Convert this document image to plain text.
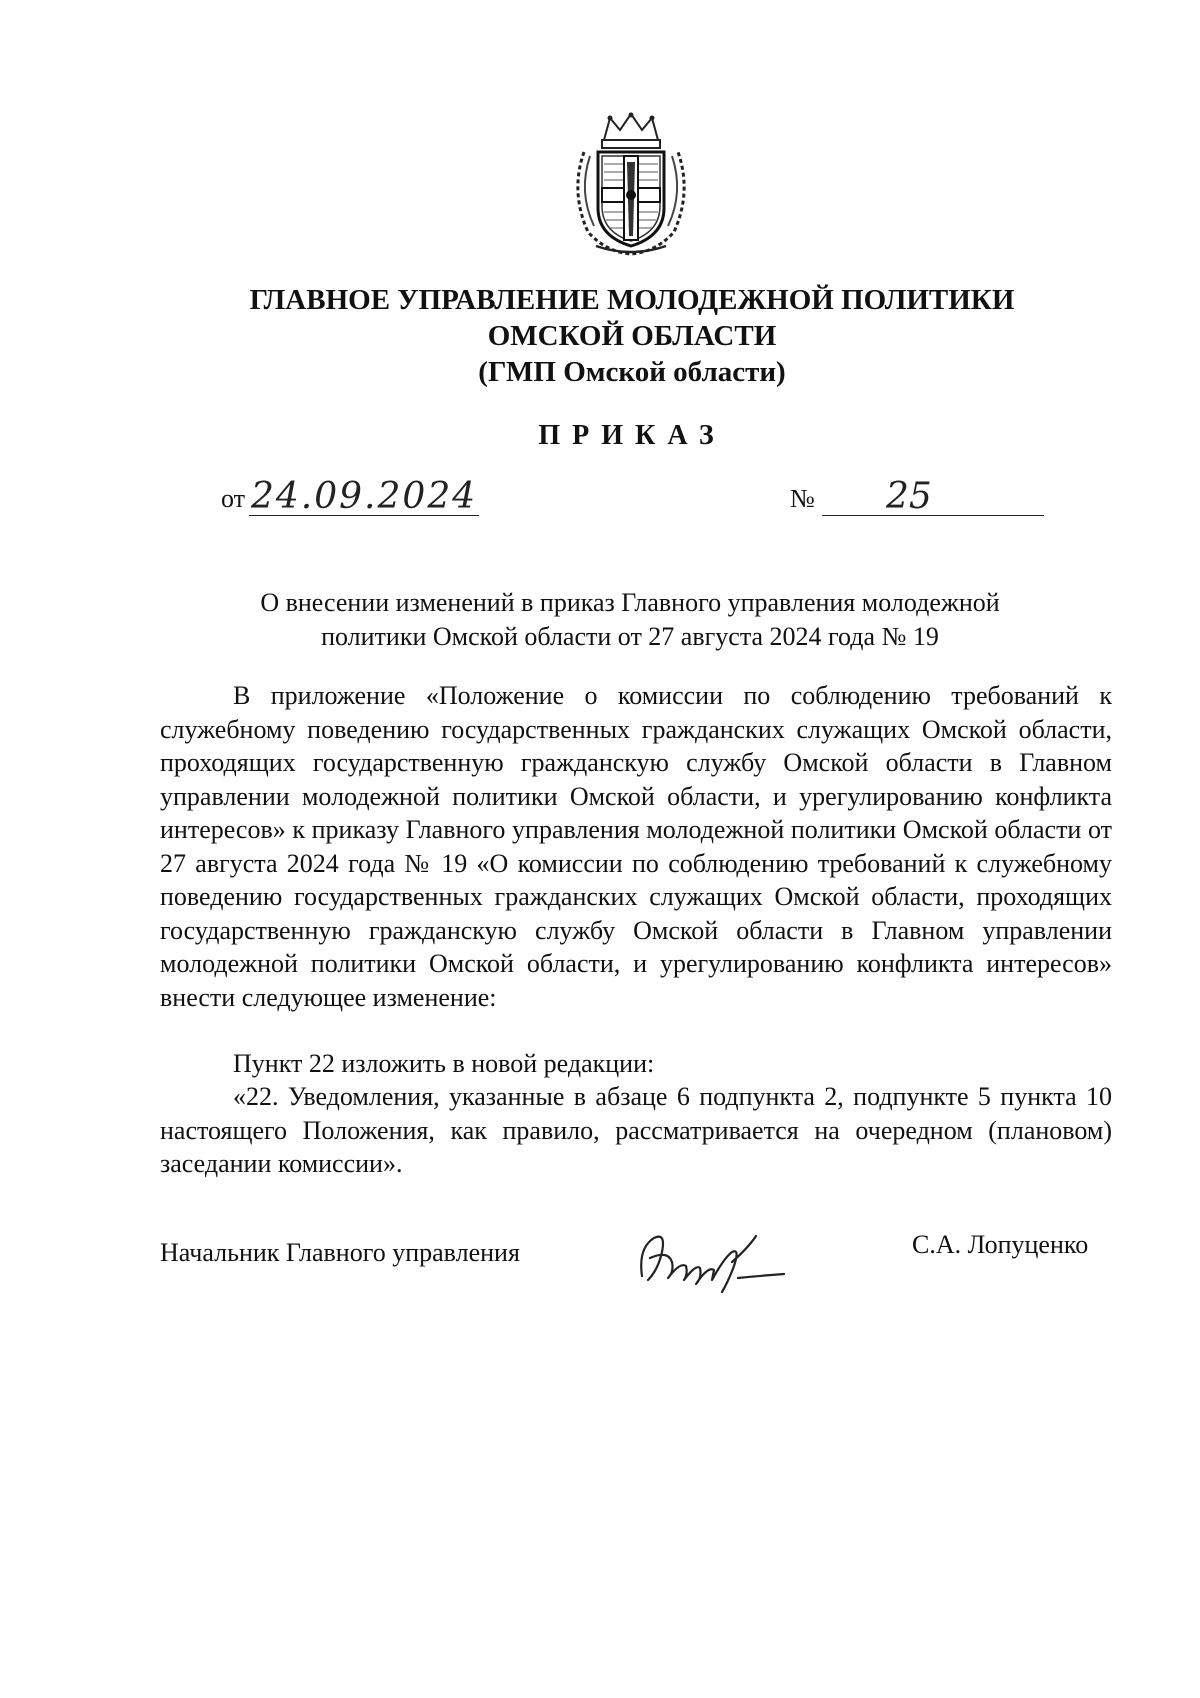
ГЛАВНОЕ УПРАВЛЕНИЕ МОЛОДЕЖНОЙ ПОЛИТИКИ
ОМСКОЙ ОБЛАСТИ
(ГМП Омской области)
ПРИКАЗ
от 24.09.2024	№ 25
О внесении изменений в приказ Главного управления молодежной
политики Омской области от 27 августа 2024 года № 19
В приложение «Положение о комиссии по соблюдению требований к служебному поведению государственных гражданских служащих Омской области, проходящих государственную гражданскую службу Омской области в Главном управлении молодежной политики Омской области, и урегулированию конфликта интересов» к приказу Главного управления молодежной политики Омской области от 27 августа 2024 года № 19 «О комиссии по соблюдению требований к служебному поведению государственных гражданских служащих Омской области, проходящих государственную гражданскую службу Омской области в Главном управлении молодежной политики Омской области, и урегулированию конфликта интересов» внести следующее изменение:
Пункт 22 изложить в новой редакции:
«22. Уведомления, указанные в абзаце 6 подпункта 2, подпункте 5 пункта 10 настоящего Положения, как правило, рассматривается на очередном (плановом) заседании комиссии».
Начальник Главного управления	С.А. Лопуценко
